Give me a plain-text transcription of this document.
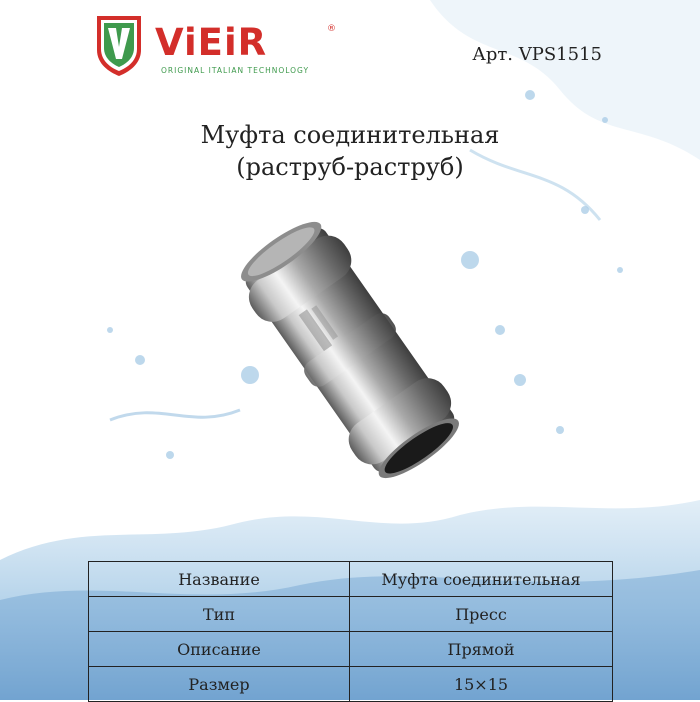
ViEiR	®
ORIGINAL ITALIAN TECHNOLOGY
Арт. VPS1515
Муфта соединительная
(раструб-раструб)
Название	Муфта соединительная
Тип	Пресс
Описание	Прямой
Размер	15×15
